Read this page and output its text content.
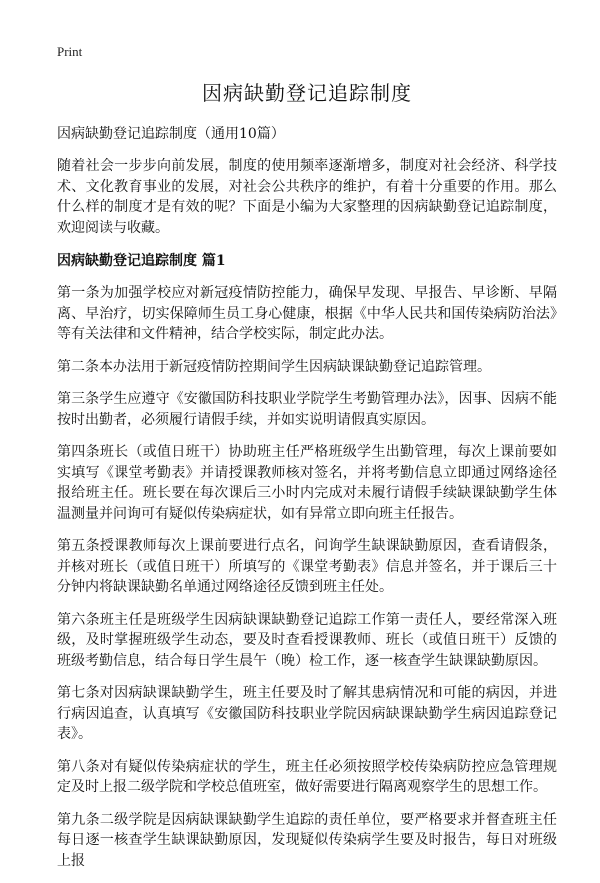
Print
因病缺勤登记追踪制度

因病缺勤登记追踪制度（通用10篇）

随着社会一步步向前发展，制度的使用频率逐渐增多，制度对社会经济、科学技术、文化教育事业的发展，对社会公共秩序的维护，有着十分重要的作用。那么什么样的制度才是有效的呢？下面是小编为大家整理的因病缺勤登记追踪制度，欢迎阅读与收藏。

因病缺勤登记追踪制度 篇1

第一条为加强学校应对新冠疫情防控能力，确保早发现、早报告、早诊断、早隔离、早治疗，切实保障师生员工身心健康，根据《中华人民共和国传染病防治法》等有关法律和文件精神，结合学校实际，制定此办法。

第二条本办法用于新冠疫情防控期间学生因病缺课缺勤登记追踪管理。

第三条学生应遵守《安徽国防科技职业学院学生考勤管理办法》，因事、因病不能按时出勤者，必须履行请假手续，并如实说明请假真实原因。

第四条班长（或值日班干）协助班主任严格班级学生出勤管理，每次上课前要如实填写《课堂考勤表》并请授课教师核对签名，并将考勤信息立即通过网络途径报给班主任。班长要在每次课后三小时内完成对未履行请假手续缺课缺勤学生体温测量并问询可有疑似传染病症状，如有异常立即向班主任报告。

第五条授课教师每次上课前要进行点名，问询学生缺课缺勤原因，查看请假条，并核对班长（或值日班干）所填写的《课堂考勤表》信息并签名，并于课后三十分钟内将缺课缺勤名单通过网络途径反馈到班主任处。

第六条班主任是班级学生因病缺课缺勤登记追踪工作第一责任人，要经常深入班级，及时掌握班级学生动态，要及时查看授课教师、班长（或值日班干）反馈的班级考勤信息，结合每日学生晨午（晚）检工作，逐一核查学生缺课缺勤原因。

第七条对因病缺课缺勤学生，班主任要及时了解其患病情况和可能的病因，并进行病因追查，认真填写《安徽国防科技职业学院因病缺课缺勤学生病因追踪登记表》。

第八条对有疑似传染病症状的学生，班主任必须按照学校传染病防控应急管理规定及时上报二级学院和学校总值班室，做好需要进行隔离观察学生的思想工作。

第九条二级学院是因病缺课缺勤学生追踪的责任单位，要严格要求并督查班主任每日逐一核查学生缺课缺勤原因，发现疑似传染病学生要及时报告，每日对班级上报
